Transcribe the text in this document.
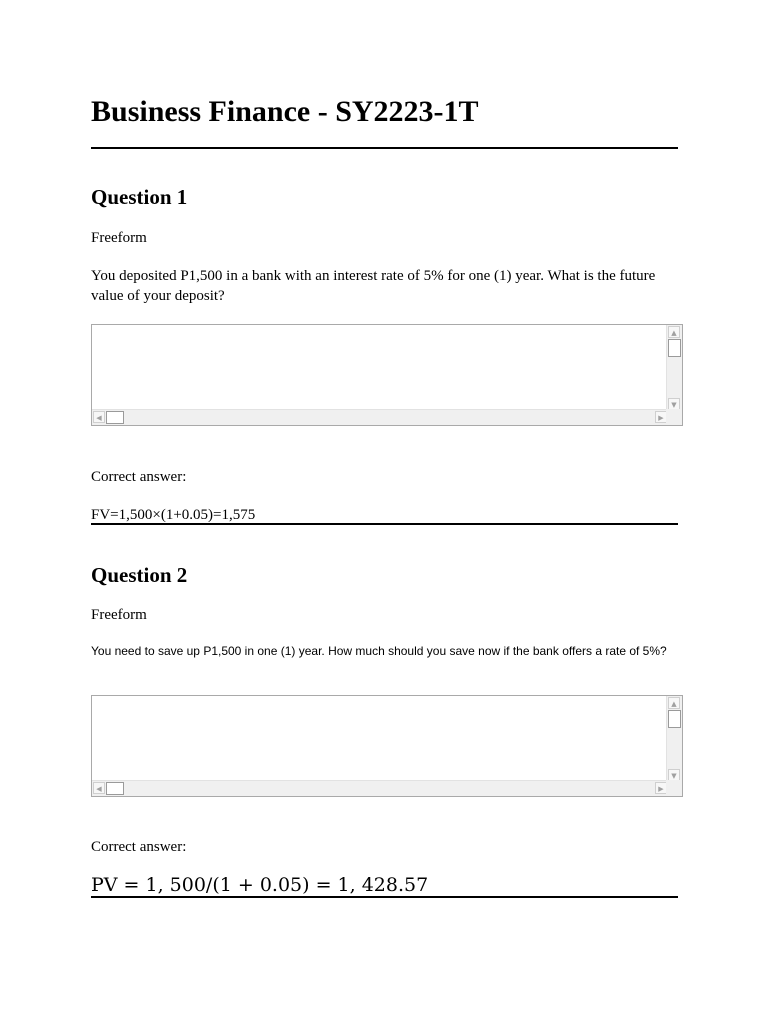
Business Finance - SY2223-1T
Question 1
Freeform
You deposited P1,500 in a bank with an interest rate of 5% for one (1) year. What is the future value of your deposit?
▲
▼
◀	▶
Correct answer:
FV=1,500×(1+0.05)=1,575
Question 2
Freeform
You need to save up P1,500 in one (1) year. How much should you save now if the bank offers a rate of 5%?
▲
▼
◀	▶
Correct answer:
PV = 1, 500/(1 + 0.05) = 1, 428.57
